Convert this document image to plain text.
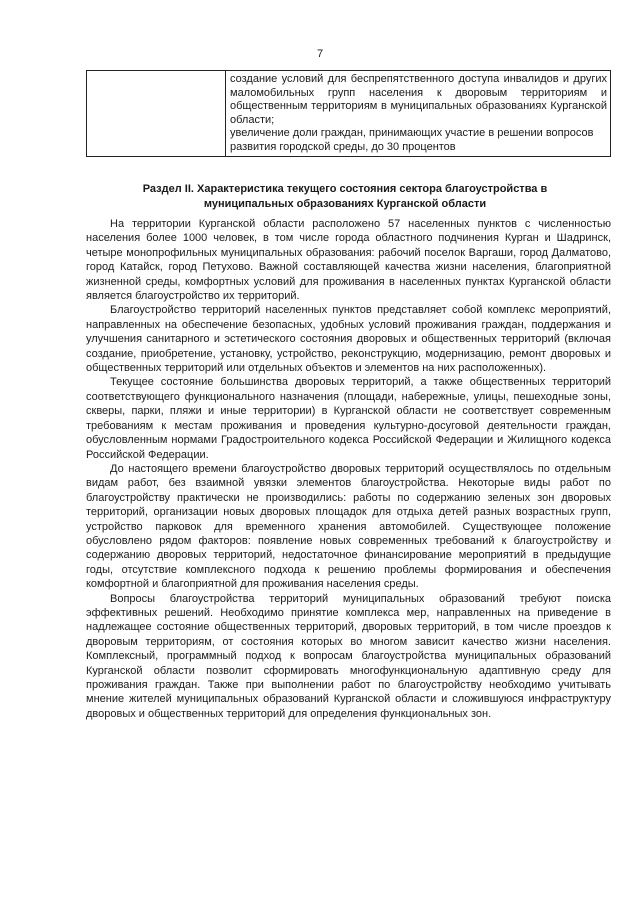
7

создание условий для беспрепятственного доступа инвалидов и других маломобильных групп населения к дворовым территориям и общественным территориям в муниципальных образованиях Курганской области;

увеличение доли граждан, принимающих участие в решении вопросов развития городской среды, до 30 процентов

Раздел II. Характеристика текущего состояния сектора благоустройства в муниципальных образованиях Курганской области

На территории Курганской области расположено 57 населенных пунктов с численностью населения более 1000 человек, в том числе города областного подчинения Курган и Шадринск, четыре монопрофильных муниципальных образования: рабочий поселок Варгаши, город Далматово, город Катайск, город Петухово. Важной составляющей качества жизни населения, благоприятной жизненной среды, комфортных условий для проживания в населенных пунктах Курганской области является благоустройство их территорий.

Благоустройство территорий населенных пунктов представляет собой комплекс мероприятий, направленных на обеспечение безопасных, удобных условий проживания граждан, поддержания и улучшения санитарного и эстетического состояния дворовых и общественных территорий (включая создание, приобретение, установку, устройство, реконструкцию, модернизацию, ремонт дворовых и общественных территорий или отдельных объектов и элементов на них расположенных).

Текущее состояние большинства дворовых территорий, а также общественных территорий соответствующего функционального назначения (площади, набережные, улицы, пешеходные зоны, скверы, парки, пляжи и иные территории) в Курганской области не соответствует современным требованиям к местам проживания и проведения культурно-досуговой деятельности граждан, обусловленным нормами Градостроительного кодекса Российской Федерации и Жилищного кодекса Российской Федерации.

До настоящего времени благоустройство дворовых территорий осуществлялось по отдельным видам работ, без взаимной увязки элементов благоустройства. Некоторые виды работ по благоустройству практически не производились: работы по содержанию зеленых зон дворовых территорий, организации новых дворовых площадок для отдыха детей разных возрастных групп, устройство парковок для временного хранения автомобилей. Существующее положение обусловлено рядом факторов: появление новых современных требований к благоустройству и содержанию дворовых территорий, недостаточное финансирование мероприятий в предыдущие годы, отсутствие комплексного подхода к решению проблемы формирования и обеспечения комфортной и благоприятной для проживания населения среды.

Вопросы благоустройства территорий муниципальных образований требуют поиска эффективных решений. Необходимо принятие комплекса мер, направленных на приведение в надлежащее состояние общественных территорий, дворовых территорий, в том числе проездов к дворовым территориям, от состояния которых во многом зависит качество жизни населения. Комплексный, программный подход к вопросам благоустройства муниципальных образований Курганской области позволит сформировать многофункциональную адаптивную среду для проживания граждан. Также при выполнении работ по благоустройству необходимо учитывать мнение жителей муниципальных образований Курганской области и сложившуюся инфраструктуру дворовых и общественных территорий для определения функциональных зон.
